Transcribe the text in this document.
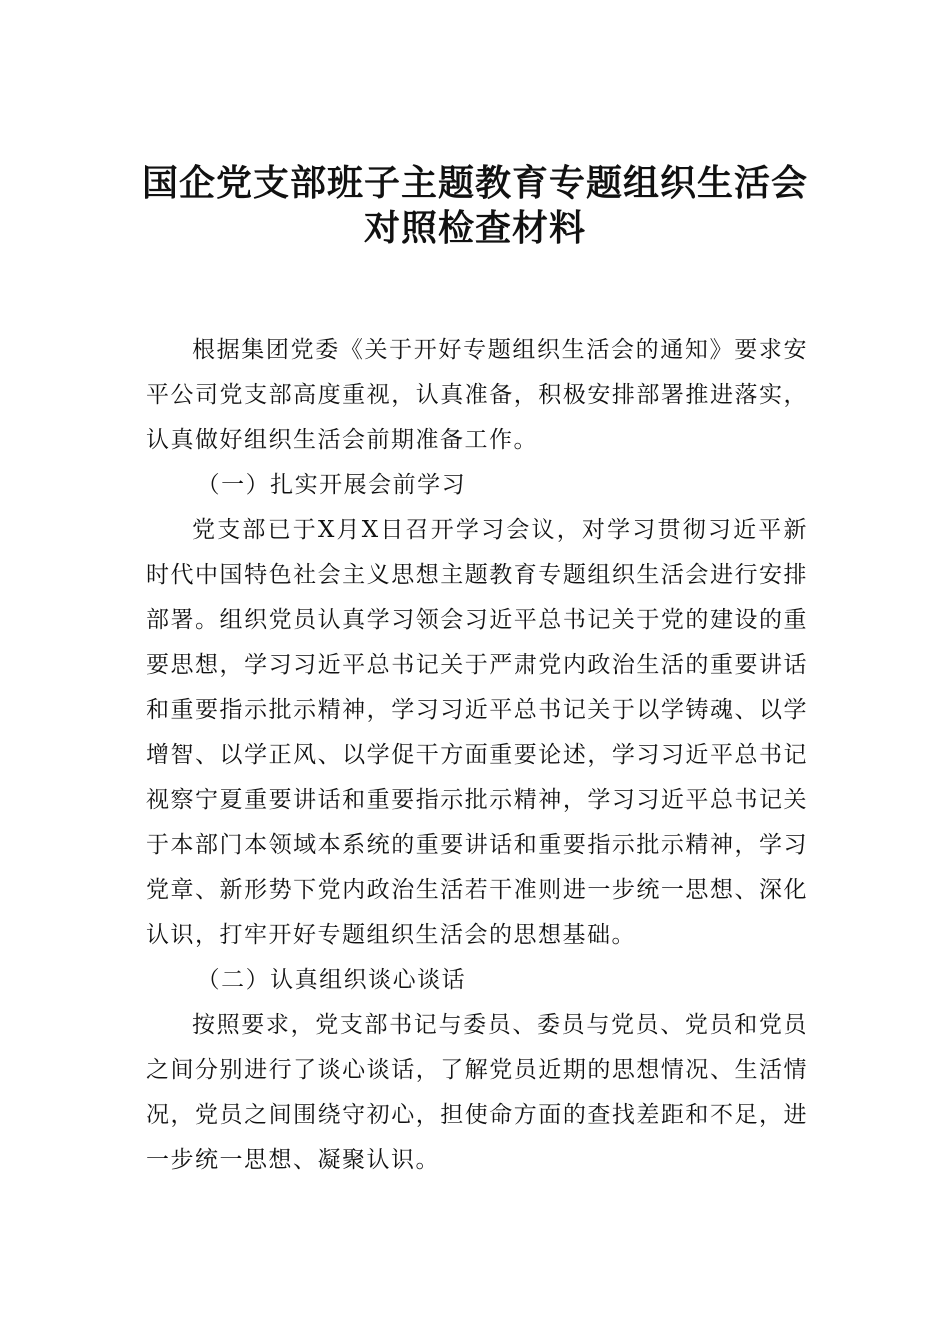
国企党支部班子主题教育专题组织生活会
对照检查材料

根据集团党委《关于开好专题组织生活会的通知》要求安平公司党支部高度重视，认真准备，积极安排部署推进落实，认真做好组织生活会前期准备工作。

（一）扎实开展会前学习

党支部已于X月X日召开学习会议，对学习贯彻习近平新时代中国特色社会主义思想主题教育专题组织生活会进行安排部署。组织党员认真学习领会习近平总书记关于党的建设的重要思想，学习习近平总书记关于严肃党内政治生活的重要讲话和重要指示批示精神，学习习近平总书记关于以学铸魂、以学增智、以学正风、以学促干方面重要论述，学习习近平总书记视察宁夏重要讲话和重要指示批示精神，学习习近平总书记关于本部门本领域本系统的重要讲话和重要指示批示精神，学习党章、新形势下党内政治生活若干准则进一步统一思想、深化认识，打牢开好专题组织生活会的思想基础。

（二）认真组织谈心谈话

按照要求，党支部书记与委员、委员与党员、党员和党员之间分别进行了谈心谈话，了解党员近期的思想情况、生活情况，党员之间围绕守初心，担使命方面的查找差距和不足，进一步统一思想、凝聚认识。
